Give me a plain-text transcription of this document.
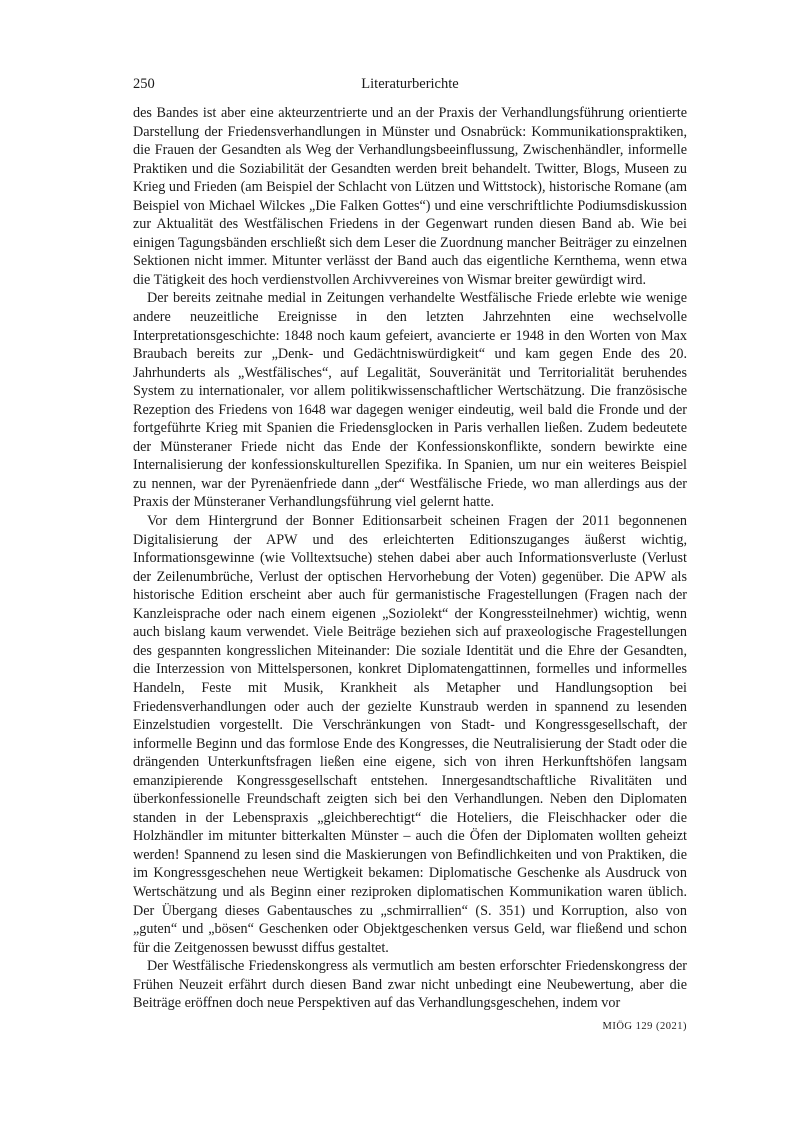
250	Literaturberichte

des Bandes ist aber eine akteurzentrierte und an der Praxis der Verhandlungsführung orientierte Darstellung der Friedensverhandlungen in Münster und Osnabrück: Kommunikationspraktiken, die Frauen der Gesandten als Weg der Verhandlungsbeeinflussung, Zwischenhändler, informelle Praktiken und die Soziabilität der Gesandten werden breit behandelt. Twitter, Blogs, Museen zu Krieg und Frieden (am Beispiel der Schlacht von Lützen und Wittstock), historische Romane (am Beispiel von Michael Wilckes „Die Falken Gottes“) und eine verschriftlichte Podiumsdiskussion zur Aktualität des Westfälischen Friedens in der Gegenwart runden diesen Band ab. Wie bei einigen Tagungsbänden erschließt sich dem Leser die Zuordnung mancher Beiträger zu einzelnen Sektionen nicht immer. Mitunter verlässt der Band auch das eigentliche Kernthema, wenn etwa die Tätigkeit des hoch verdienstvollen Archivvereines von Wismar breiter gewürdigt wird.

Der bereits zeitnahe medial in Zeitungen verhandelte Westfälische Friede erlebte wie wenige andere neuzeitliche Ereignisse in den letzten Jahrzehnten eine wechselvolle Interpretationsgeschichte: 1848 noch kaum gefeiert, avancierte er 1948 in den Worten von Max Braubach bereits zur „Denk- und Gedächtniswürdigkeit“ und kam gegen Ende des 20. Jahrhunderts als „Westfälisches“, auf Legalität, Souveränität und Territorialität beruhendes System zu internationaler, vor allem politikwissenschaftlicher Wertschätzung. Die französische Rezeption des Friedens von 1648 war dagegen weniger eindeutig, weil bald die Fronde und der fortgeführte Krieg mit Spanien die Friedensglocken in Paris verhallen ließen. Zudem bedeutete der Münsteraner Friede nicht das Ende der Konfessionskonflikte, sondern bewirkte eine Internalisierung der konfessionskulturellen Spezifika. In Spanien, um nur ein weiteres Beispiel zu nennen, war der Pyrenäenfriede dann „der“ Westfälische Friede, wo man allerdings aus der Praxis der Münsteraner Verhandlungsführung viel gelernt hatte.

Vor dem Hintergrund der Bonner Editionsarbeit scheinen Fragen der 2011 begonnenen Digitalisierung der APW und des erleichterten Editionszuganges äußerst wichtig, Informationsgewinne (wie Volltextsuche) stehen dabei aber auch Informationsverluste (Verlust der Zeilenumbrüche, Verlust der optischen Hervorhebung der Voten) gegenüber. Die APW als historische Edition erscheint aber auch für germanistische Fragestellungen (Fragen nach der Kanzleisprache oder nach einem eigenen „Soziolekt“ der Kongressteilnehmer) wichtig, wenn auch bislang kaum verwendet. Viele Beiträge beziehen sich auf praxeologische Fragestellungen des gespannten kongresslichen Miteinander: Die soziale Identität und die Ehre der Gesandten, die Interzession von Mittelspersonen, konkret Diplomatengattinnen, formelles und informelles Handeln, Feste mit Musik, Krankheit als Metapher und Handlungsoption bei Friedensverhandlungen oder auch der gezielte Kunstraub werden in spannend zu lesenden Einzelstudien vorgestellt. Die Verschränkungen von Stadt- und Kongressgesellschaft, der informelle Beginn und das formlose Ende des Kongresses, die Neutralisierung der Stadt oder die drängenden Unterkunftsfragen ließen eine eigene, sich von ihren Herkunftshöfen langsam emanzipierende Kongressgesellschaft entstehen. Innergesandtschaftliche Rivalitäten und überkonfessionelle Freundschaft zeigten sich bei den Verhandlungen. Neben den Diplomaten standen in der Lebenspraxis „gleichberechtigt“ die Hoteliers, die Fleischhacker oder die Holzhändler im mitunter bitterkalten Münster – auch die Öfen der Diplomaten wollten geheizt werden! Spannend zu lesen sind die Maskierungen von Befindlichkeiten und von Praktiken, die im Kongressgeschehen neue Wertigkeit bekamen: Diplomatische Geschenke als Ausdruck von Wertschätzung und als Beginn einer reziproken diplomatischen Kommunikation waren üblich. Der Übergang dieses Gabentausches zu „schmirrallien“ (S. 351) und Korruption, also von „guten“ und „bösen“ Geschenken oder Objektgeschenken versus Geld, war fließend und schon für die Zeitgenossen bewusst diffus gestaltet.

Der Westfälische Friedenskongress als vermutlich am besten erforschter Friedenskongress der Frühen Neuzeit erfährt durch diesen Band zwar nicht unbedingt eine Neubewertung, aber die Beiträge eröffnen doch neue Perspektiven auf das Verhandlungsgeschehen, indem vor

MIÖG 129 (2021)
